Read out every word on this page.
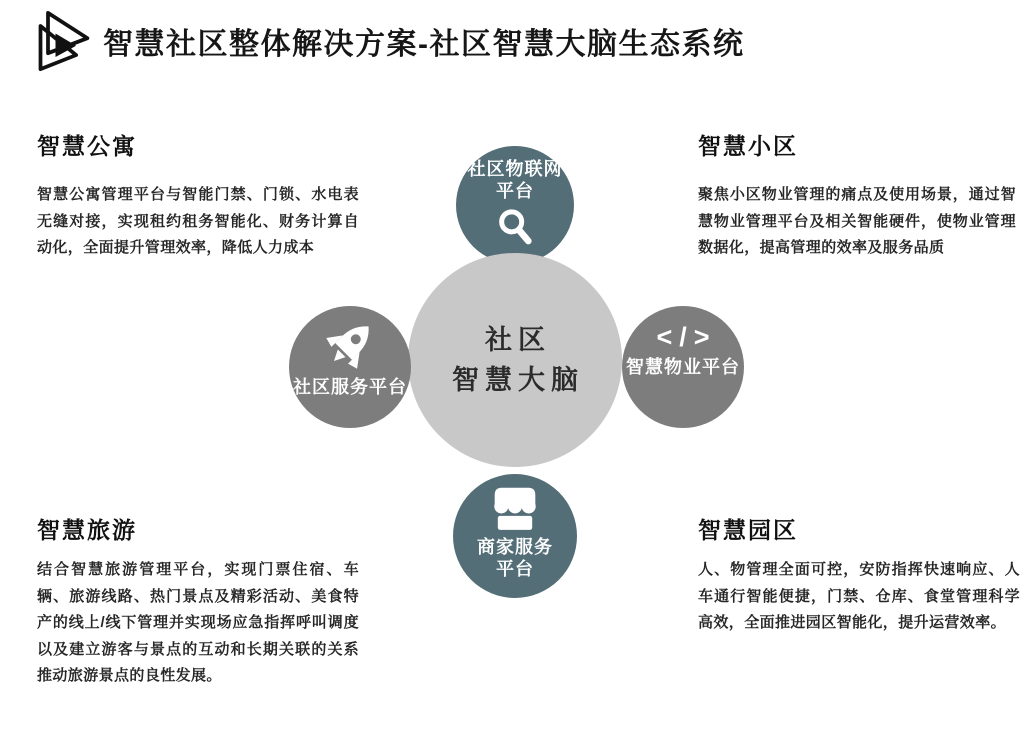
智慧社区整体解决方案-社区智慧大脑生态系统
智慧公寓

智慧公寓管理平台与智能门禁、门锁、水电表无缝对接，实现租约租务智能化、财务计算自动化，全面提升管理效率，降低人力成本

智慧小区

聚焦小区物业管理的痛点及使用场景，通过智慧物业管理平台及相关智能硬件，使物业管理数据化，提高管理的效率及服务品质

智慧旅游

结合智慧旅游管理平台，实现门票住宿、车辆、旅游线路、热门景点及精彩活动、美食特产的线上/线下管理并实现场应急指挥呼叫调度以及建立游客与景点的互动和长期关联的关系推动旅游景点的良性发展。

智慧园区

人、物管理全面可控，安防指挥快速响应、人车通行智能便捷，门禁、仓库、食堂管理科学高效，全面推进园区智能化，提升运营效率。

社区物联网
平台
商家服务
平台
社区
智慧大脑
社区服务平台
</>
智慧物业平台
